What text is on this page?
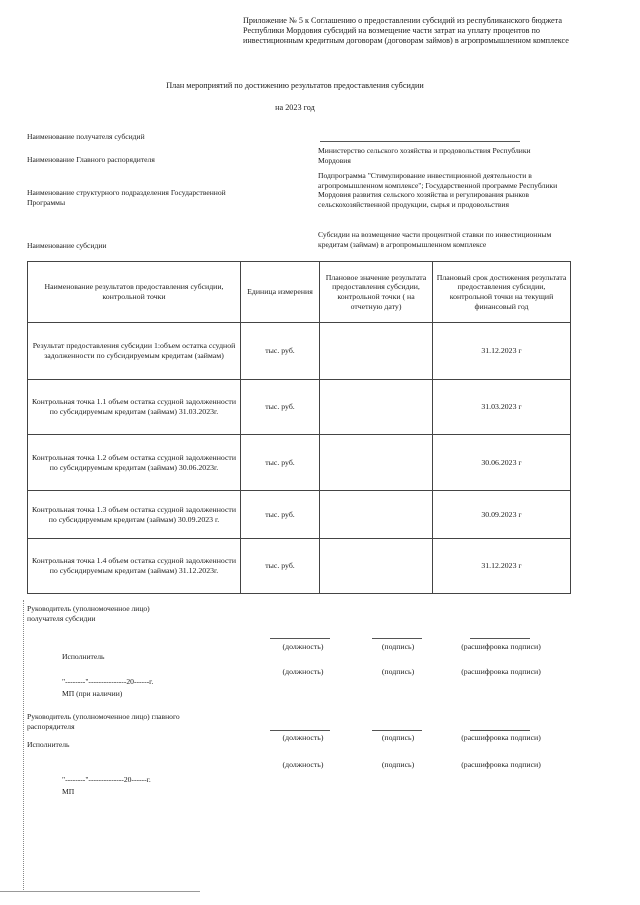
Приложение № 5 к Соглашению о предоставлении субсидий из республиканского бюджета Республики Мордовия субсидий на возмещение части затрат на уплату процентов по инвестиционным кредитным договорам (договорам займов) в агропромышленном комплексе
План мероприятий по достижению результатов предоставления субсидии
на 2023 год
Наименование получателя субсидий
Наименование Главного распорядителя
Министерство сельского хозяйства и продовольствия Республики Мордовия
Наименование структурного подразделения Государственной Программы
Подпрограмма "Стимулирование инвестиционной деятельности в агропромышленном комплексе"; Государственной программе Республики Мордовия развития сельского хозяйства и регулирования рынков сельскохозяйственной продукции, сырья и продовольствия
Наименование субсидии
Субсидии на возмещение части процентной ставки по инвестиционным кредитам (займам) в агропромышленном комплексе
Наименование результатов предоставления субсидии, контрольной точки	Единица измерения	Плановое значение результата предоставления субсидии, контрольной точки ( на отчетную дату)	Плановый срок достижения результата предоставления субсидии, контрольной точки на текущий финансовый год
Результат предоставления субсидии 1:объем остатка ссудной задолженности по субсидируемым кредитам (займам)	тыс. руб.		31.12.2023 г
Контрольная точка 1.1 объем остатка ссудной задолженности по субсидируемым кредитам (займам) 31.03.2023г.	тыс. руб.		31.03.2023 г
Контрольная точка 1.2 объем остатка ссудной задолженности по субсидируемым кредитам (займам) 30.06.2023г.	тыс. руб.		30.06.2023 г
Контрольная точка 1.3 объем остатка ссудной задолженности по субсидируемым кредитам (займам) 30.09.2023 г.	тыс. руб.		30.09.2023 г
Контрольная точка 1.4 объем остатка ссудной задолженности по субсидируемым кредитам (займам) 31.12.2023г.	тыс. руб.		31.12.2023 г
Руководитель (уполномоченное лицо) получателя субсидии
(должность)	(подпись)	(расшифровка подписи)
Исполнитель
(должность)	(подпись)	(расшифровка подписи)
"--------"---------------20------г.
МП (при наличии)
Руководитель (уполномоченное лицо) главного распорядителя
(должность)	(подпись)	(расшифровка подписи)
Исполнитель
(должность)	(подпись)	(расшифровка подписи)
"--------"--------------20------г.
МП
